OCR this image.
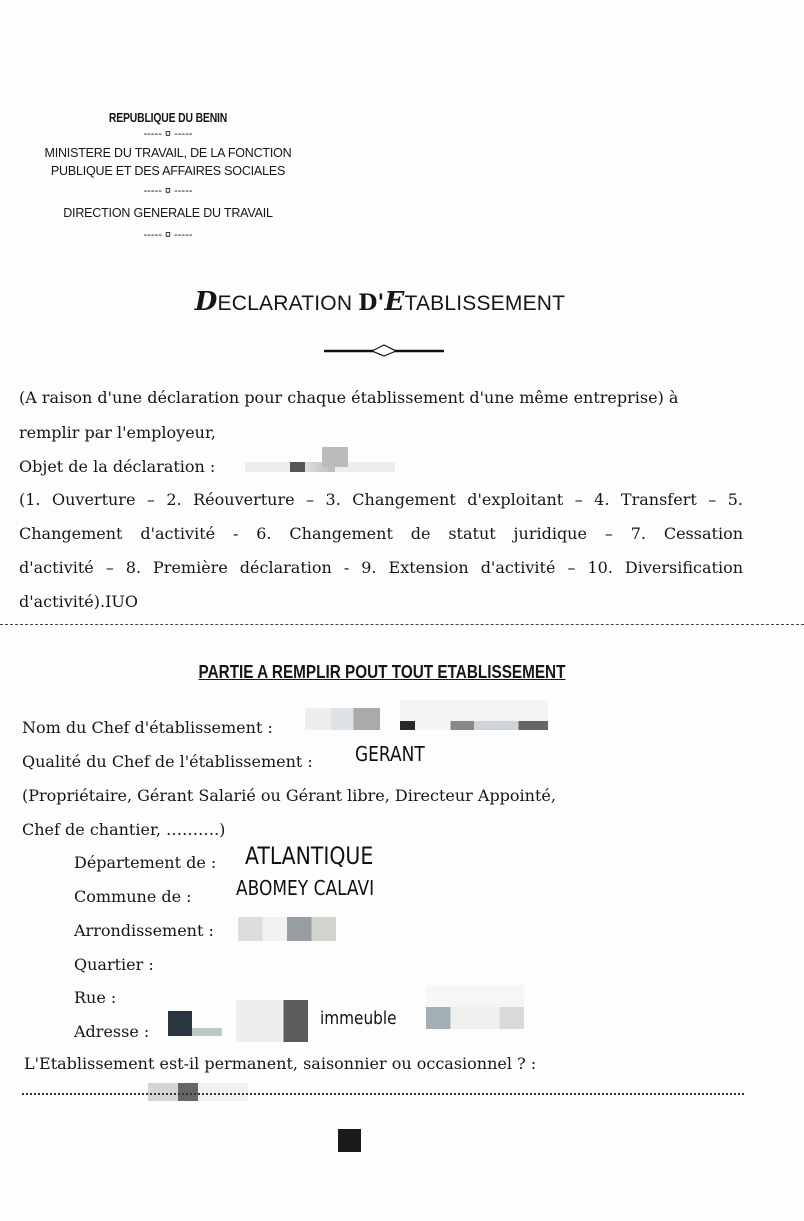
REPUBLIQUE DU BENIN
----- ¤ -----
MINISTERE DU TRAVAIL, DE LA FONCTION
PUBLIQUE ET DES AFFAIRES SOCIALES
----- ¤ -----
DIRECTION GENERALE DU TRAVAIL
----- ¤ -----
DECLARATION D'ETABLISSEMENT
(A raison d'une déclaration pour chaque établissement d'une même entreprise) à
remplir par l'employeur,
Objet de la déclaration :
(1. Ouverture – 2. Réouverture – 3. Changement d'exploitant – 4. Transfert – 5.
Changement d'activité - 6. Changement de statut juridique – 7. Cessation
d'activité – 8. Première déclaration - 9. Extension d'activité – 10. Diversification
d'activité).IUO
PARTIE A REMPLIR POUT TOUT ETABLISSEMENT
Nom du Chef d'établissement :
Qualité du Chef de l'établissement : GERANT
(Propriétaire, Gérant Salarié ou Gérant libre, Directeur Appointé,
Chef de chantier, ……….)
Département de : ATLANTIQUE
Commune de : ABOMEY CALAVI
Arrondissement :
Quartier :
Rue :
Adresse :
immeuble
L'Etablissement est-il permanent, saisonnier ou occasionnel ? :
